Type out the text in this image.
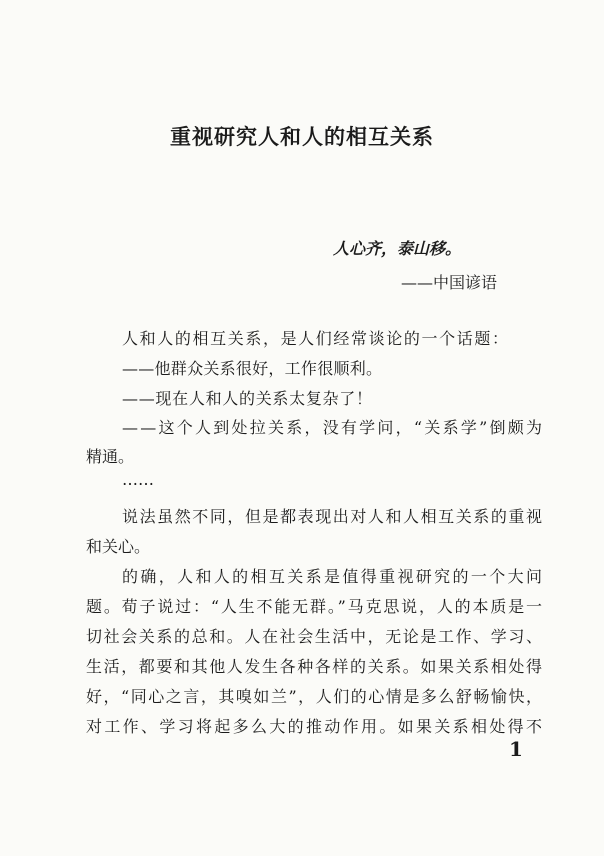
重视研究人和人的相互关系
人心齐，泰山移。
——中国谚语
人和人的相互关系，是人们经常谈论的一个话题：
——他群众关系很好，工作很顺利。
——现在人和人的关系太复杂了！
——这个人到处拉关系，没有学问，“关系学”倒颇为
精通。
……
说法虽然不同，但是都表现出对人和人相互关系的重视
和关心。
的确，人和人的相互关系是值得重视研究的一个大问
题。荀子说过：“人生不能无群。”马克思说，人的本质是一
切社会关系的总和。人在社会生活中，无论是工作、学习、
生活，都要和其他人发生各种各样的关系。如果关系相处得
好，“同心之言，其嗅如兰”，人们的心情是多么舒畅愉快，
对工作、学习将起多么大的推动作用。如果关系相处得不
1
